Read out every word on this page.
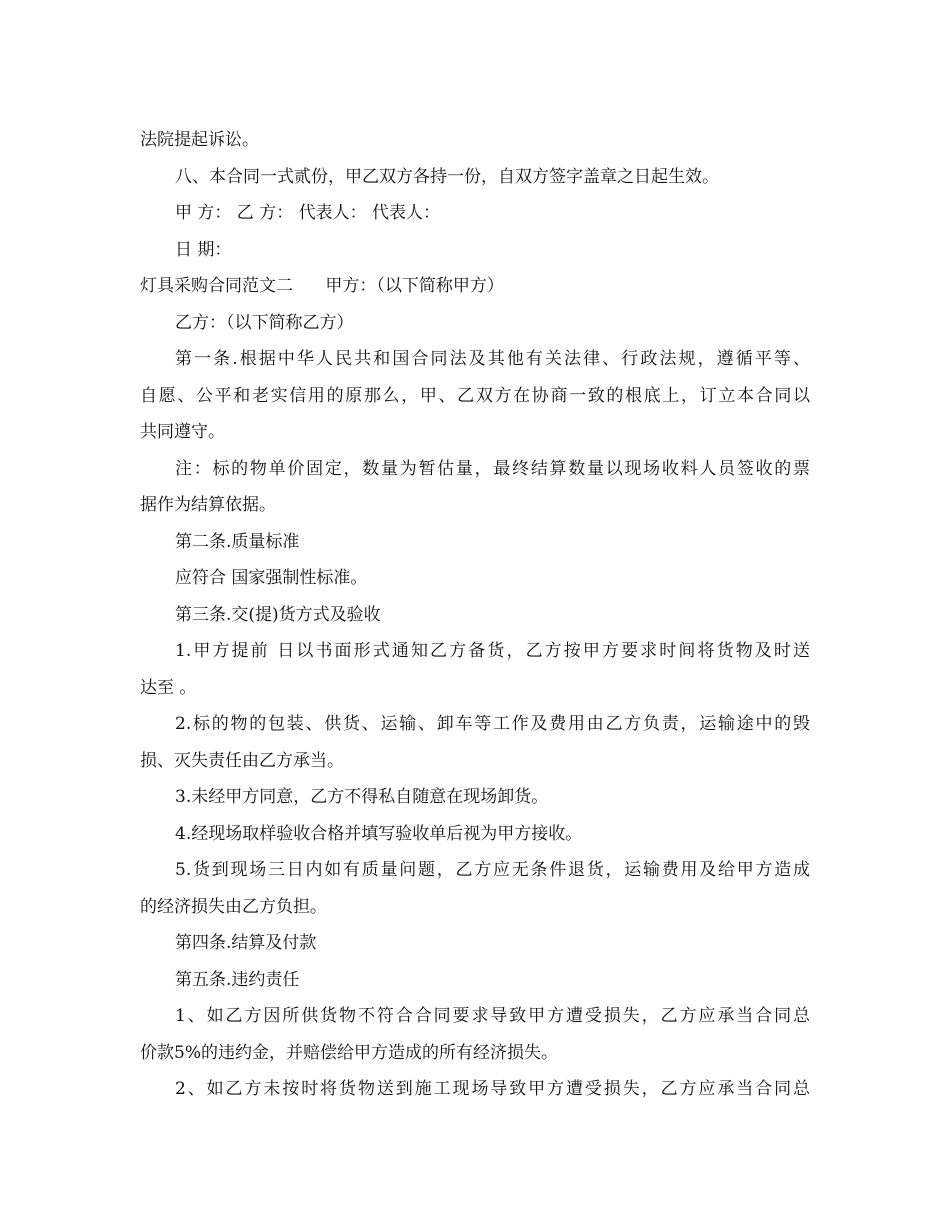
法院提起诉讼。
八、本合同一式贰份，甲乙双方各持一份，自双方签字盖章之日起生效。
甲 方： 乙 方： 代表人： 代表人：
日 期：
灯具采购合同范文二      甲方：（以下简称甲方）
乙方：（以下简称乙方）
第一条.根据中华人民共和国合同法及其他有关法律、行政法规，遵循平等、
自愿、公平和老实信用的原那么，甲、乙双方在协商一致的根底上，订立本合同以
共同遵守。
注：标的物单价固定，数量为暂估量，最终结算数量以现场收料人员签收的票
据作为结算依据。
第二条.质量标准
应符合 国家强制性标准。
第三条.交(提)货方式及验收
1.甲方提前 日以书面形式通知乙方备货，乙方按甲方要求时间将货物及时送
达至 。
2.标的物的包装、供货、运输、卸车等工作及费用由乙方负责，运输途中的毁
损、灭失责任由乙方承当。
3.未经甲方同意，乙方不得私自随意在现场卸货。
4.经现场取样验收合格并填写验收单后视为甲方接收。
5.货到现场三日内如有质量问题，乙方应无条件退货，运输费用及给甲方造成
的经济损失由乙方负担。
第四条.结算及付款
第五条.违约责任
1、如乙方因所供货物不符合合同要求导致甲方遭受损失，乙方应承当合同总
价款5%的违约金，并赔偿给甲方造成的所有经济损失。
2、如乙方未按时将货物送到施工现场导致甲方遭受损失，乙方应承当合同总
